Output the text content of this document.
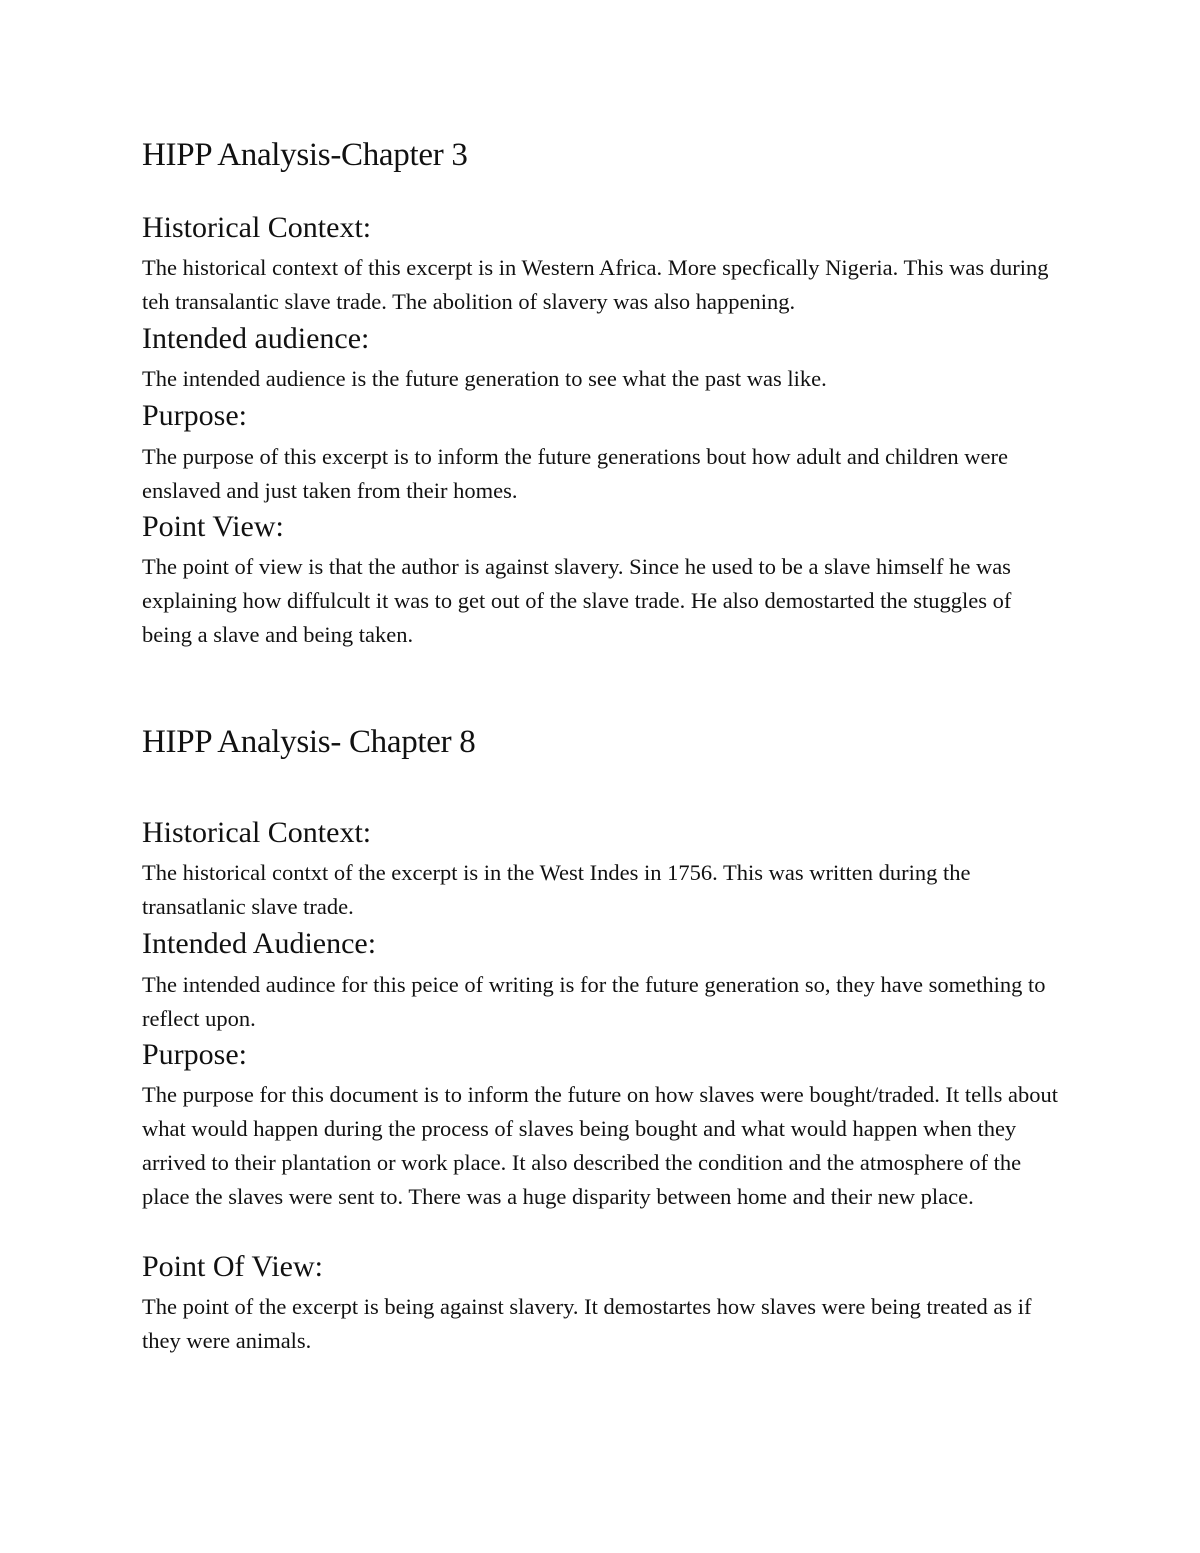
HIPP Analysis-Chapter 3
Historical Context:

The historical context of this excerpt is in Western Africa. More specfically Nigeria. This was during teh transalantic slave trade. The abolition of slavery was also happening.

Intended audience:

The intended audience is the future generation to see what the past was like.

Purpose:

The purpose of this excerpt is to inform the future generations bout how adult and children were enslaved and just taken from their homes.

Point View:

The point of view is that the author is against slavery. Since he used to be a slave himself he was explaining how diffulcult it was to get out of the slave trade. He also demostarted the stuggles of being a slave and being taken.

HIPP Analysis- Chapter 8
Historical Context:

The historical contxt of the excerpt is in the West Indes in 1756. This was written during the transatlanic slave trade.

Intended Audience:

The intended audince for this peice of writing is for the future generation so, they have something to reflect upon.

Purpose:

The purpose for this document is to inform the future on how slaves were bought/traded. It tells about what would happen during the process of slaves being bought and what would happen when they arrived to their plantation or work place. It also described the condition and the atmosphere of the place the slaves were sent to. There was a huge disparity between home and their new place.

Point Of View:

The point of the excerpt is being against slavery. It demostartes how slaves were being treated as if they were animals.
